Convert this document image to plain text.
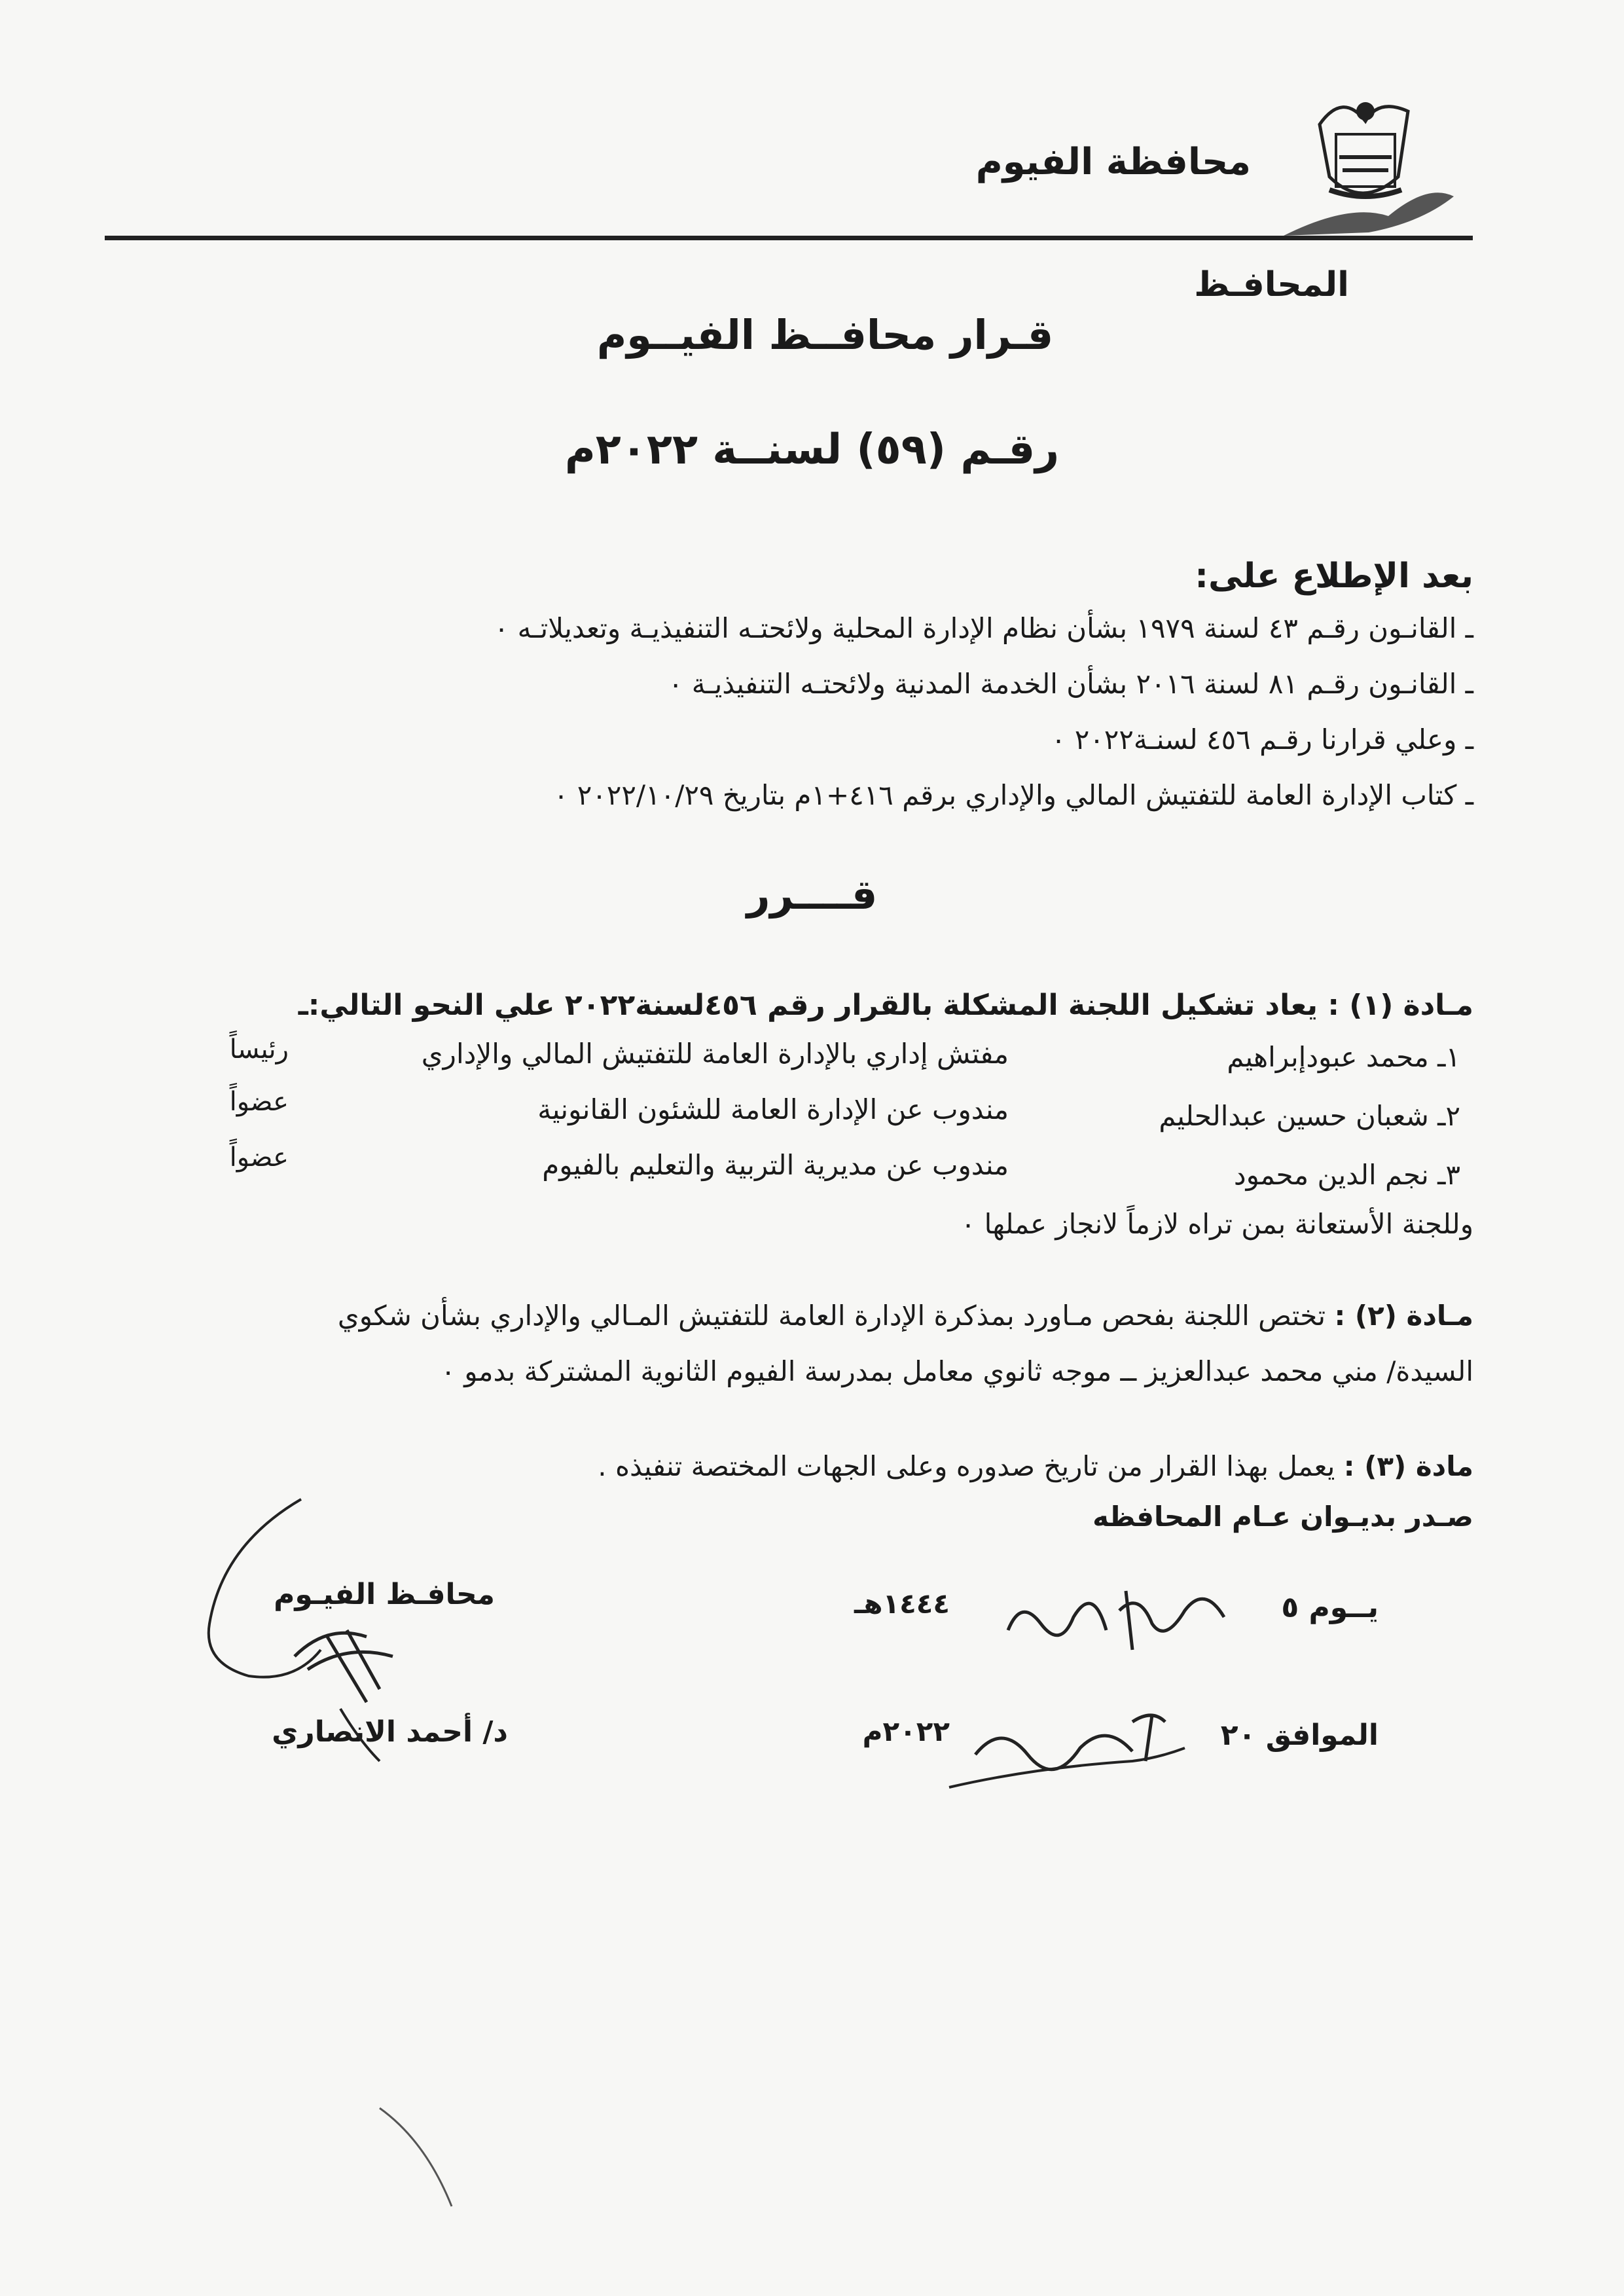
محافظة الفيوم
المحافـظ
قـرار محافــظ الفيــوم
رقـم (٥٩) لسنــة ٢٠٢٢م
بعد الإطلاع على:
ـ القانـون رقـم ٤٣ لسنة ١٩٧٩ بشأن نظام الإدارة المحلية ولائحتـه التنفيذيـة وتعديلاتـه ٠
ـ القانـون رقـم ٨١ لسنة ٢٠١٦ بشأن الخدمة المدنية ولائحتـه التنفيذيـة ٠
ـ وعلي قرارنا رقـم ٤٥٦ لسنـة٢٠٢٢ ٠
ـ كتاب الإدارة العامة للتفتيش المالي والإداري برقم ٤١٦+١م بتاريخ ٢٠٢٢/١٠/٢٩ ٠
قــــرر
مـادة (١) : يعاد تشكيل اللجنة المشكلة بالقرار رقم ٤٥٦لسنة٢٠٢٢ علي النحو التالي:ـ
١ـ محمد عبودإبراهيم
مفتش إداري بالإدارة العامة للتفتيش المالي والإداري
رئيساً
٢ـ شعبان حسين عبدالحليم
مندوب عن الإدارة العامة للشئون القانونية
عضواً
٣ـ نجم الدين محمود
مندوب عن مديرية التربية والتعليم بالفيوم
عضواً
وللجنة الأستعانة بمن تراه لازماً لانجاز عملها ٠
مـادة (٢) : تختص اللجنة بفحص مـاورد بمذكرة الإدارة العامة للتفتيش المـالي والإداري بشأن شكوي
السيدة/ مني محمد عبدالعزيز ــ موجه ثانوي معامل بمدرسة الفيوم الثانوية المشتركة بدمو ٠
مادة (٣) : يعمل بهذا القرار من تاريخ صدوره وعلى الجهات المختصة تنفيذه .
صـدر بديـوان عـام المحافظه
يــوم ٥
١٤٤٤هـ
محافـظ الفيـوم
الموافق ٢٠
٢٠٢٢م
د/ أحمد الانصاري
